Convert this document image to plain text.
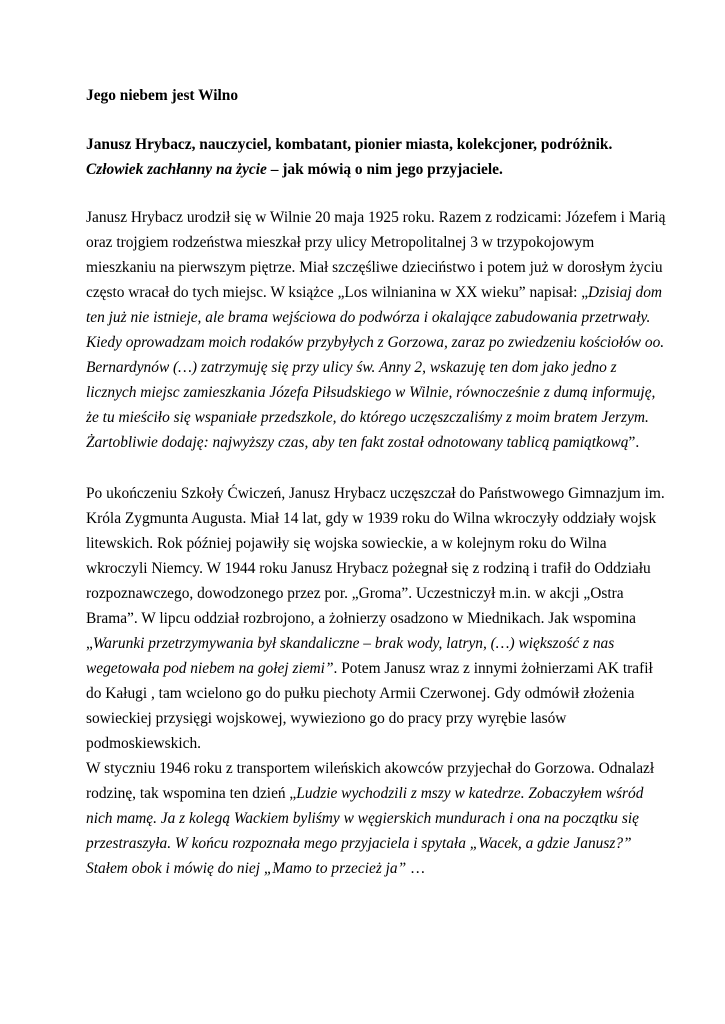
Jego niebem jest Wilno
Janusz Hrybacz, nauczyciel, kombatant, pionier miasta, kolekcjoner, podróżnik.
Człowiek zachłanny na życie – jak mówią o nim jego przyjaciele.
Janusz Hrybacz urodził się w Wilnie 20 maja 1925 roku. Razem z rodzicami: Józefem i Marią
oraz trojgiem rodzeństwa mieszkał przy ulicy Metropolitalnej 3 w trzypokojowym
mieszkaniu na pierwszym piętrze. Miał szczęśliwe dzieciństwo i potem już w dorosłym życiu
często wracał do tych miejsc. W książce „Los wilnianina w XX wieku” napisał: „Dzisiaj dom
ten już nie istnieje, ale brama wejściowa do podwórza i okalające zabudowania przetrwały.
Kiedy oprowadzam moich rodaków przybyłych z Gorzowa, zaraz po zwiedzeniu kościołów oo.
Bernardynów (…) zatrzymuję się przy ulicy św. Anny 2, wskazuję ten dom jako jedno z
licznych miejsc zamieszkania Józefa Piłsudskiego w Wilnie, równocześnie z dumą informuję,
że tu mieściło się wspaniałe przedszkole, do którego uczęszczaliśmy z moim bratem Jerzym.
Żartobliwie dodaję: najwyższy czas, aby ten fakt został odnotowany tablicą pamiątkową”.
Po ukończeniu Szkoły Ćwiczeń, Janusz Hrybacz uczęszczał do Państwowego Gimnazjum im.
Króla Zygmunta Augusta. Miał 14 lat, gdy w 1939 roku do Wilna wkroczyły oddziały wojsk
litewskich. Rok później pojawiły się wojska sowieckie, a w kolejnym roku do Wilna
wkroczyli Niemcy. W 1944 roku Janusz Hrybacz pożegnał się z rodziną i trafił do Oddziału
rozpoznawczego, dowodzonego przez por. „Groma”. Uczestniczył m.in. w akcji „Ostra
Brama”. W lipcu oddział rozbrojono, a żołnierzy osadzono w Miednikach. Jak wspomina
„Warunki przetrzymywania był skandaliczne – brak wody, latryn, (…) większość z nas
wegetowała pod niebem na gołej ziemi”. Potem Janusz wraz z innymi żołnierzami AK trafił
do Kaługi , tam wcielono go do pułku piechoty Armii Czerwonej. Gdy odmówił złożenia
sowieckiej przysięgi wojskowej, wywieziono go do pracy przy wyrębie lasów
podmoskiewskich.
W styczniu 1946 roku z transportem wileńskich akowców przyjechał do Gorzowa. Odnalazł
rodzinę, tak wspomina ten dzień „Ludzie wychodzili z mszy w katedrze. Zobaczyłem wśród
nich mamę. Ja z kolegą Wackiem byliśmy w węgierskich mundurach i ona na początku się
przestraszyła. W końcu rozpoznała mego przyjaciela i spytała „Wacek, a gdzie Janusz?”
Stałem obok i mówię do niej „Mamo to przecież ja” …
